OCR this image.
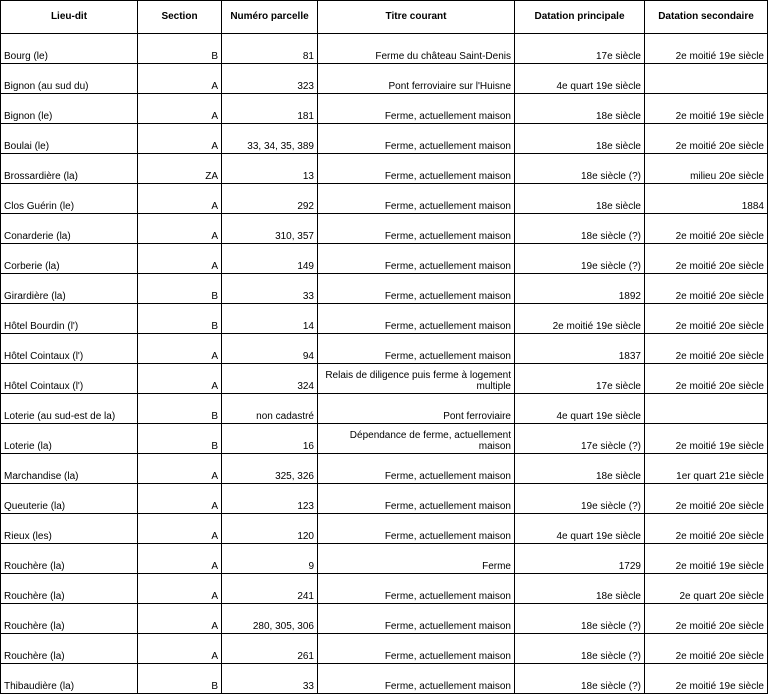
Lieu-dit	Section	Numéro parcelle	Titre courant	Datation principale	Datation secondaire
Bourg (le)	B	81	Ferme du château Saint-Denis	17e siècle	2e moitié 19e siècle
Bignon (au sud du)	A	323	Pont ferroviaire sur l'Huisne	4e quart 19e siècle	
Bignon (le)	A	181	Ferme, actuellement maison	18e siècle	2e moitié 19e siècle
Boulai (le)	A	33, 34, 35, 389	Ferme, actuellement maison	18e siècle	2e moitié 20e siècle
Brossardière (la)	ZA	13	Ferme, actuellement maison	18e siècle (?)	milieu 20e siècle
Clos Guérin (le)	A	292	Ferme, actuellement maison	18e siècle	1884
Conarderie (la)	A	310, 357	Ferme, actuellement maison	18e siècle (?)	2e moitié 20e siècle
Corberie (la)	A	149	Ferme, actuellement maison	19e siècle (?)	2e moitié 20e siècle
Girardière (la)	B	33	Ferme, actuellement maison	1892	2e moitié 20e siècle
Hôtel Bourdin (l')	B	14	Ferme, actuellement maison	2e moitié 19e siècle	2e moitié 20e siècle
Hôtel Cointaux (l')	A	94	Ferme, actuellement maison	1837	2e moitié 20e siècle
Hôtel Cointaux (l')	A	324	Relais de diligence puis ferme à logement multiple	17e siècle	2e moitié 20e siècle
Loterie (au sud-est de la)	B	non cadastré	Pont ferroviaire	4e quart 19e siècle	
Loterie (la)	B	16	Dépendance de ferme, actuellement maison	17e siècle (?)	2e moitié 19e siècle
Marchandise (la)	A	325, 326	Ferme, actuellement maison	18e siècle	1er quart 21e siècle
Queuterie (la)	A	123	Ferme, actuellement maison	19e siècle (?)	2e moitié 20e siècle
Rieux (les)	A	120	Ferme, actuellement maison	4e quart 19e siècle	2e moitié 20e siècle
Rouchère (la)	A	9	Ferme	1729	2e moitié 19e siècle
Rouchère (la)	A	241	Ferme, actuellement maison	18e siècle	2e quart 20e siècle
Rouchère (la)	A	280, 305, 306	Ferme, actuellement maison	18e siècle (?)	2e moitié 20e siècle
Rouchère (la)	A	261	Ferme, actuellement maison	18e siècle (?)	2e moitié 20e siècle
Thibaudière (la)	B	33	Ferme, actuellement maison	18e siècle (?)	2e moitié 19e siècle
